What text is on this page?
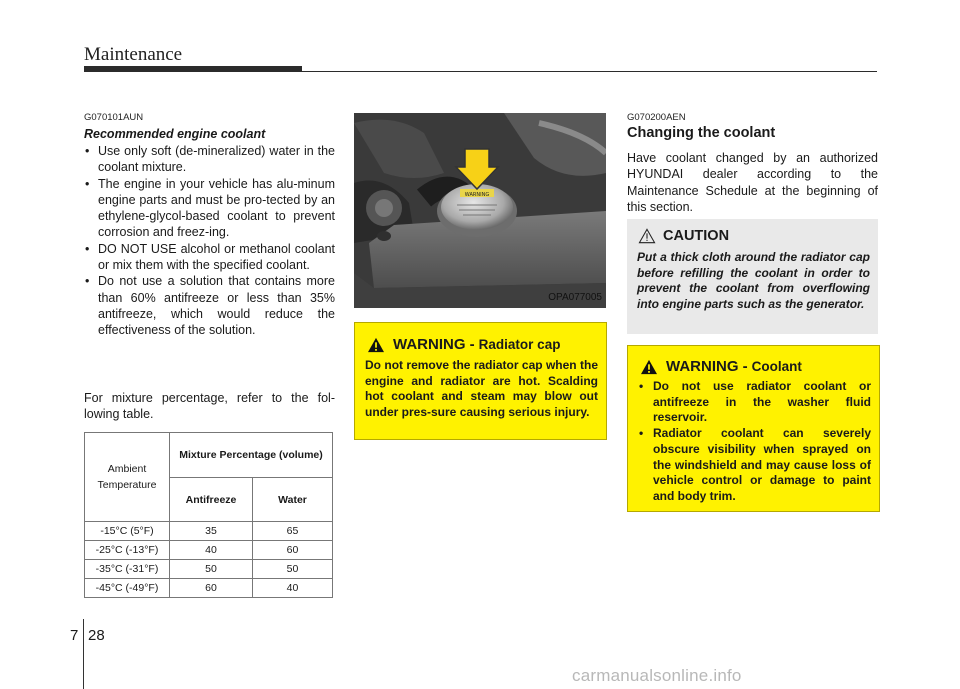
Maintenance
G070101AUN
Recommended engine coolant
• Use only soft (de-mineralized) water in the coolant mixture.
• The engine in your vehicle has alu-minum engine parts and must be pro-tected by an ethylene-glycol-based coolant to prevent corrosion and freez-ing.
• DO NOT USE alcohol or methanol coolant or mix them with the specified coolant.
• Do not use a solution that contains more than 60% antifreeze or less than 35% antifreeze, which would reduce the effectiveness of the solution.
For mixture percentage, refer to the fol-lowing table.
Ambient Temperature	Mixture Percentage (volume)	
	Antifreeze	Water
-15°C (5°F)	35	65
-25°C (-13°F)	40	60
-35°C (-31°F)	50	50
-45°C (-49°F)	60	40
WARNING
OPA077005
WARNING - Radiator cap
Do not remove the radiator cap when the engine and radiator are hot. Scalding hot coolant and steam may blow out under pres-sure causing serious injury.
G070200AEN
Changing the coolant
Have coolant changed by an authorized HYUNDAI dealer according to the Maintenance Schedule at the beginning of this section.
CAUTION
Put a thick cloth around the radiator cap before refilling the coolant in order to prevent the coolant from overflowing into engine parts such as the generator.
WARNING - Coolant
• Do not use radiator coolant or antifreeze in the washer fluid reservoir.
• Radiator coolant can severely obscure visibility when sprayed on the windshield and may cause loss of vehicle control or damage to paint and body trim.
7 28
carmanualsonline.info
